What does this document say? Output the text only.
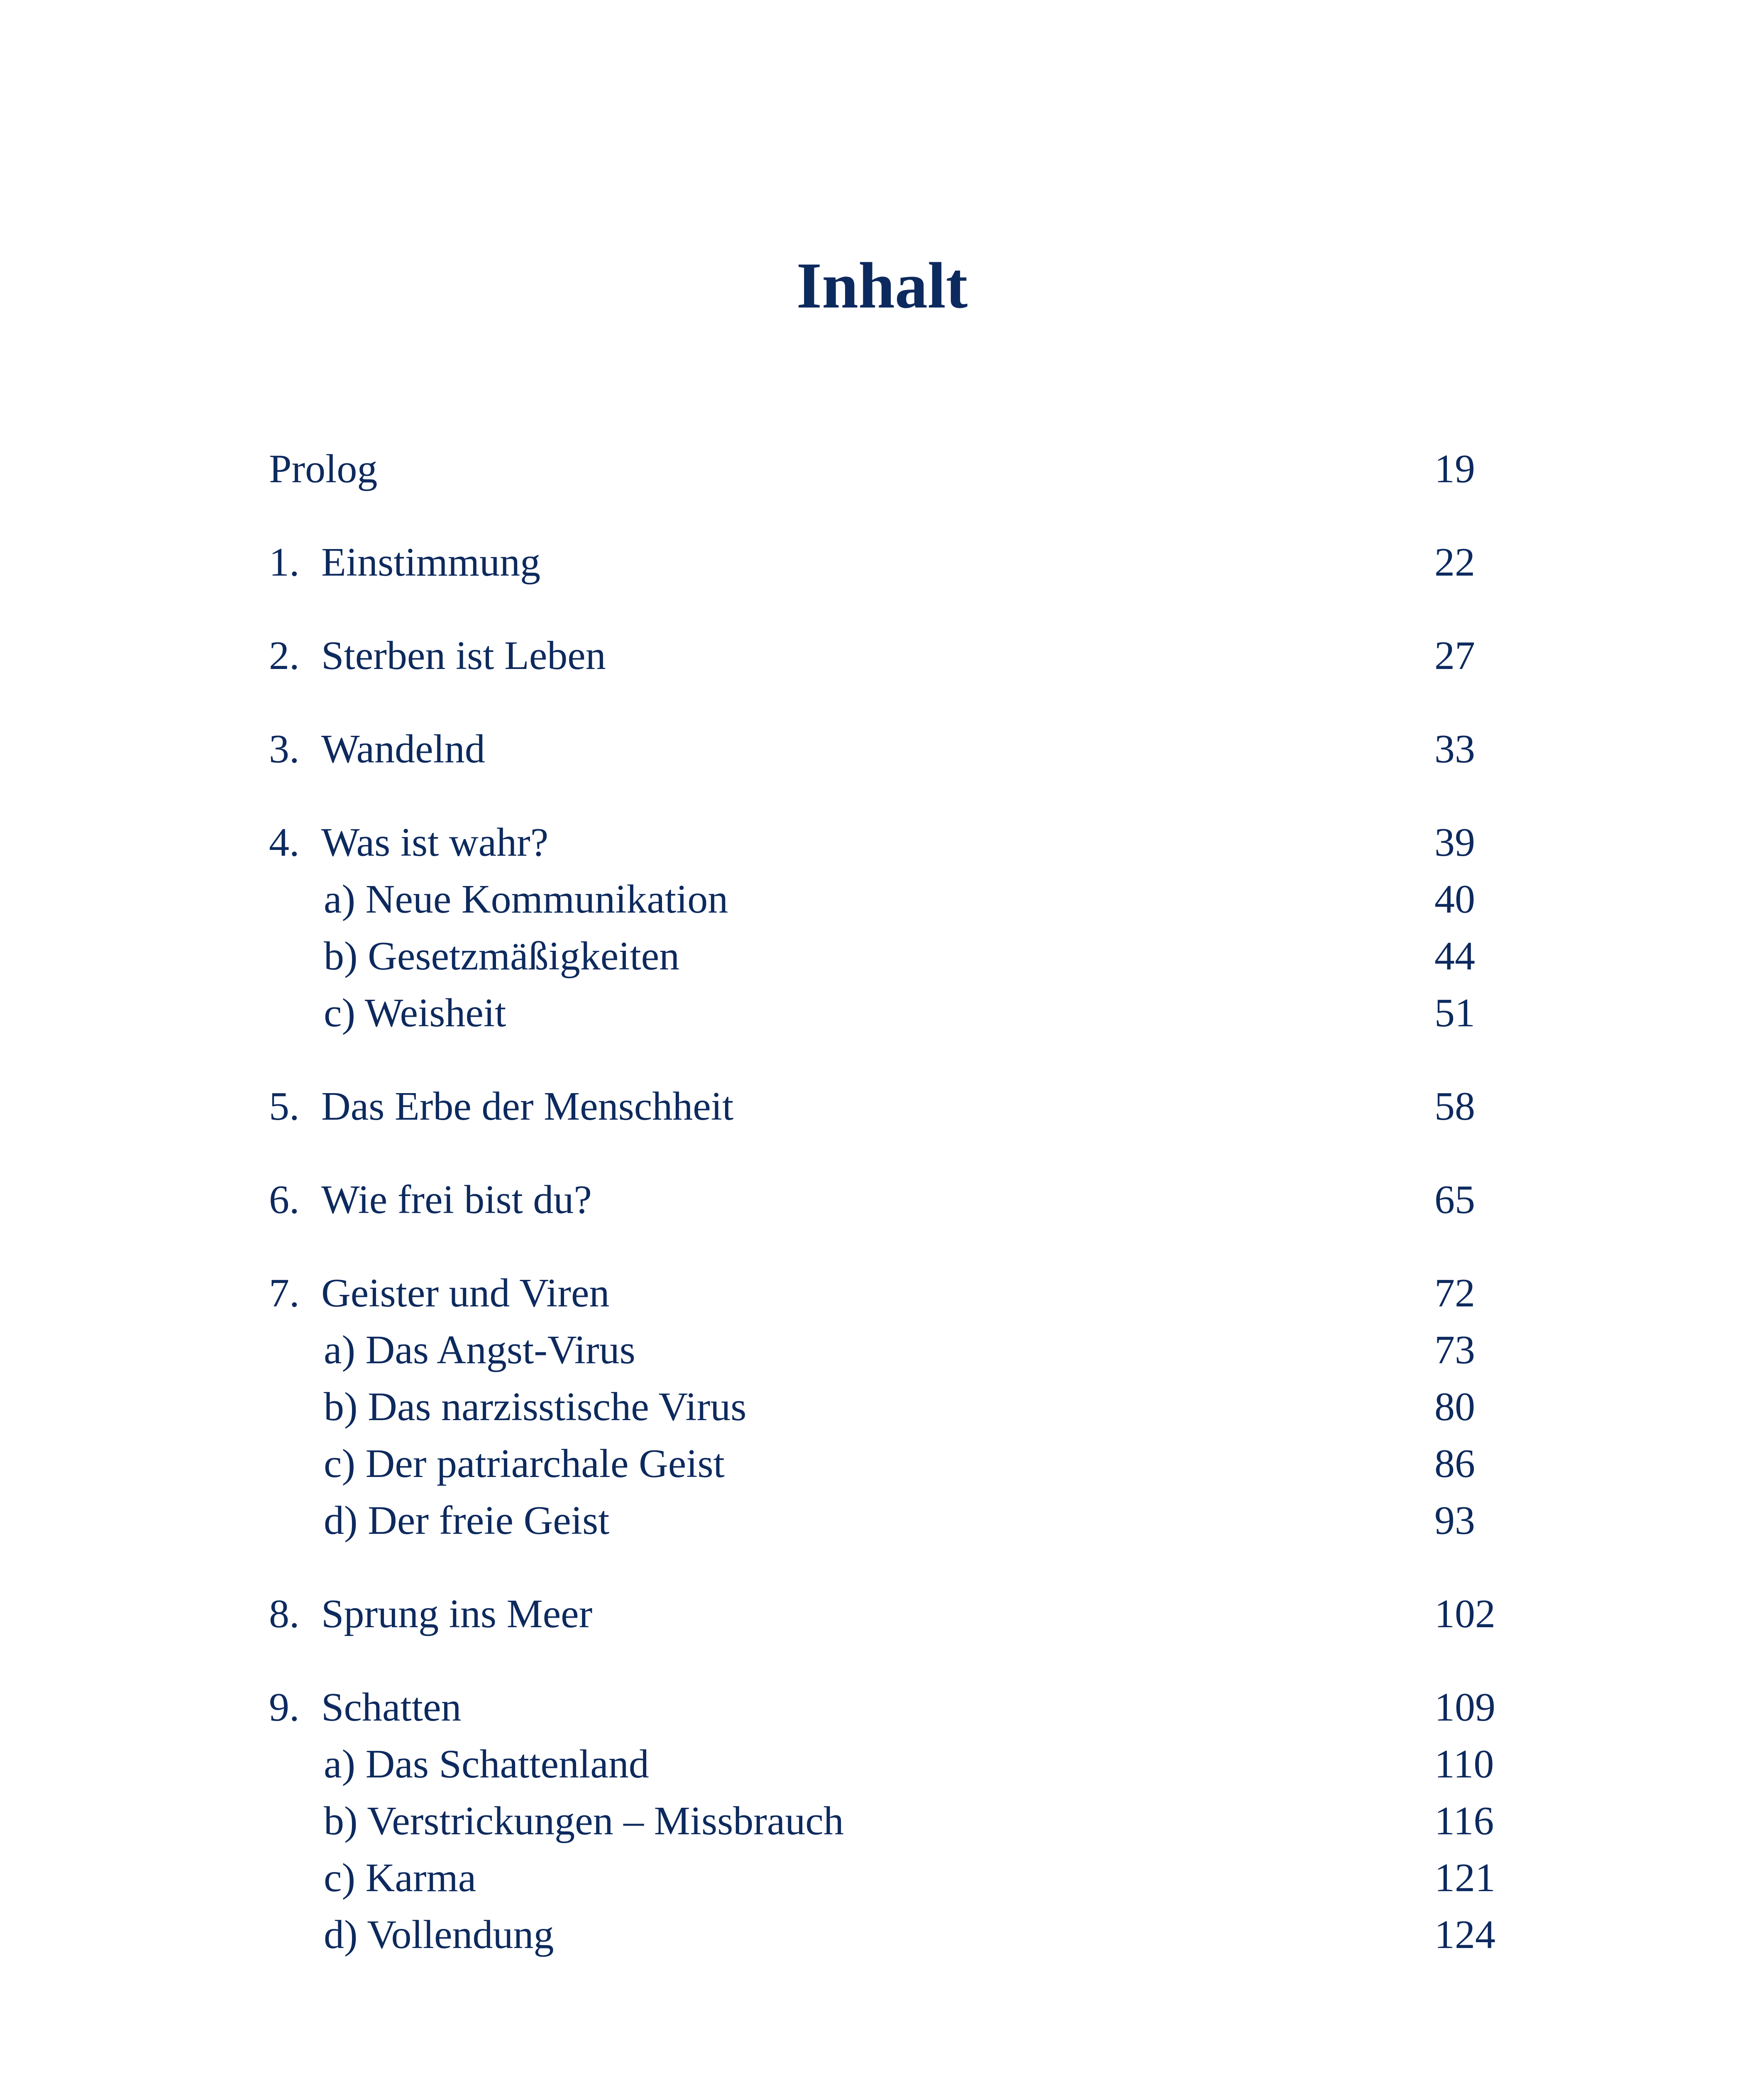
Inhalt
Prolog	19
1. Einstimmung	22
2. Sterben ist Leben	27
3. Wandelnd	33
4. Was ist wahr?	39
a) Neue Kommunikation	40
b) Gesetzmäßigkeiten	44
c) Weisheit	51
5. Das Erbe der Menschheit	58
6. Wie frei bist du?	65
7. Geister und Viren	72
a) Das Angst-Virus	73
b) Das narzisstische Virus	80
c) Der patriarchale Geist	86
d) Der freie Geist	93
8. Sprung ins Meer	102
9. Schatten	109
a) Das Schattenland	110
b) Verstrickungen – Missbrauch	116
c) Karma	121
d) Vollendung	124
